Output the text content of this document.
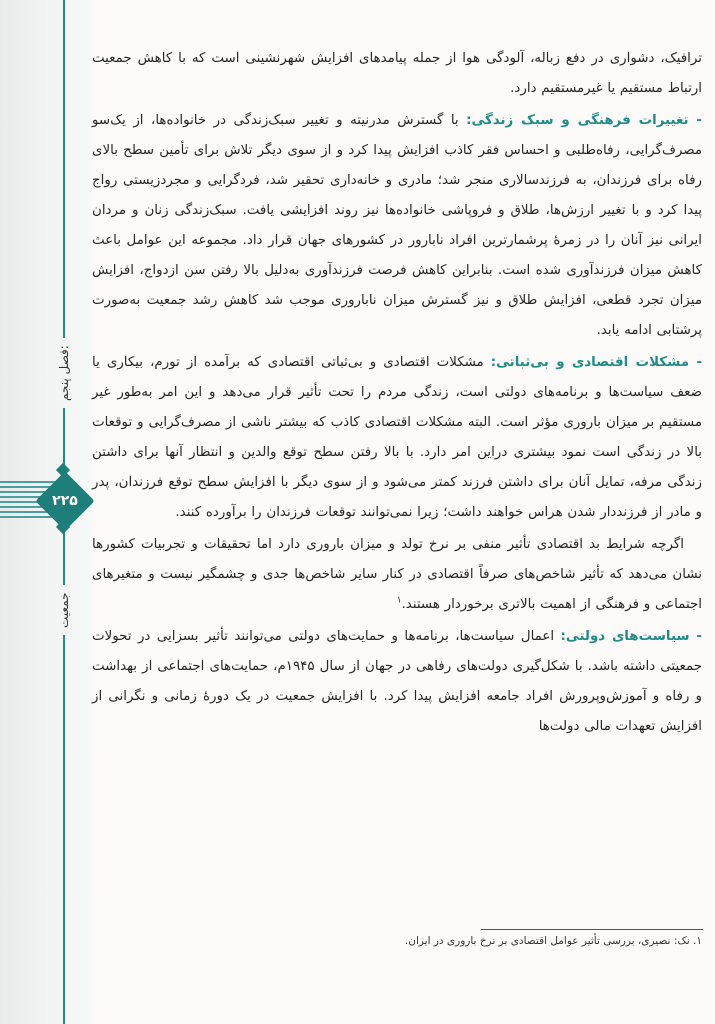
فصل پنجم:
جمعیت
۲۲۵

ترافیک، دشواری در دفع زباله، آلودگی هوا از جمله پیامدهای افزایش شهرنشینی است که با کاهش جمعیت ارتباط مستقیم یا غیرمستقیم دارد.

- تغییرات فرهنگی و سبک زندگی: با گسترش مدرنیته و تغییر سبک‌زندگی در خانواده‌ها، از یک‌سو مصرف‌گرایی، رفاه‌طلبی و احساس فقر کاذب افزایش پیدا کرد و از سوی دیگر تلاش برای تأمین سطح بالای رفاه برای فرزندان، به فرزندسالاری منجر شد؛ مادری و خانه‌داری تحقیر شد، فردگرایی و مجردزیستی رواج پیدا کرد و با تغییر ارزش‌ها، طلاق و فروپاشی خانواده‌ها نیز روند افزایشی یافت. سبک‌زندگی زنان و مردان ایرانی نیز آنان را در زمرهٔ پرشمارترین افراد نابارور در کشورهای جهان قرار داد. مجموعه این عوامل باعث کاهش میزان فرزندآوری شده است. بنابراین کاهش فرصت فرزندآوری به‌دلیل بالا رفتن سن ازدواج، افزایش میزان تجرد قطعی، افزایش طلاق و نیز گسترش میزان ناباروری موجب شد کاهش رشد جمعیت به‌صورت پرشتابی ادامه یابد.

- مشکلات اقتصادی و بی‌ثباتی: مشکلات اقتصادی و بی‌ثباتی اقتصادی که برآمده از تورم، بیکاری یا ضعف سیاست‌ها و برنامه‌های دولتی است، زندگی مردم را تحت تأثیر قرار می‌دهد و این امر به‌طور غیر مستقیم بر میزان باروری مؤثر است. البته مشکلات اقتصادی کاذب که بیشتر ناشی از مصرف‌گرایی و توقعات بالا در زندگی است نمود بیشتری دراین امر دارد. با بالا رفتن سطح توقع والدین و انتظار آنها برای داشتن زندگی مرفه، تمایل آنان برای داشتن فرزند کمتر می‌شود و از سوی دیگر با افزایش سطح توقع فرزندان، پدر و مادر از فرزنددار شدن هراس خواهند داشت؛ زیرا نمی‌توانند توقعات فرزندان را برآورده کنند.

اگرچه شرایط بد اقتصادی تأثیر منفی بر نرخ تولد و میزان باروری دارد اما تحقیقات و تجربیات کشورها نشان می‌دهد که تأثیر شاخص‌های صرفاً اقتصادی در کنار سایر شاخص‌ها جدی و چشمگیر نیست و متغیرهای اجتماعی و فرهنگی از اهمیت بالاتری برخوردار هستند.$^۱$

- سیاست‌های دولتی: اعمال سیاست‌ها، برنامه‌ها و حمایت‌های دولتی می‌توانند تأثیر بسزایی در تحولات جمعیتی داشته باشد. با شکل‌گیری دولت‌های رفاهی در جهان از سال ۱۹۴۵م، حمایت‌های اجتماعی از بهداشت و رفاه و آموزش‌وپرورش افراد جامعه افزایش پیدا کرد. با افزایش جمعیت در یک دورهٔ زمانی و نگرانی از افزایش تعهدات مالی دولت‌ها

۱. نک: نصیری، بررسی تأثیر عوامل اقتصادی بر نرخ باروری در ایران.
